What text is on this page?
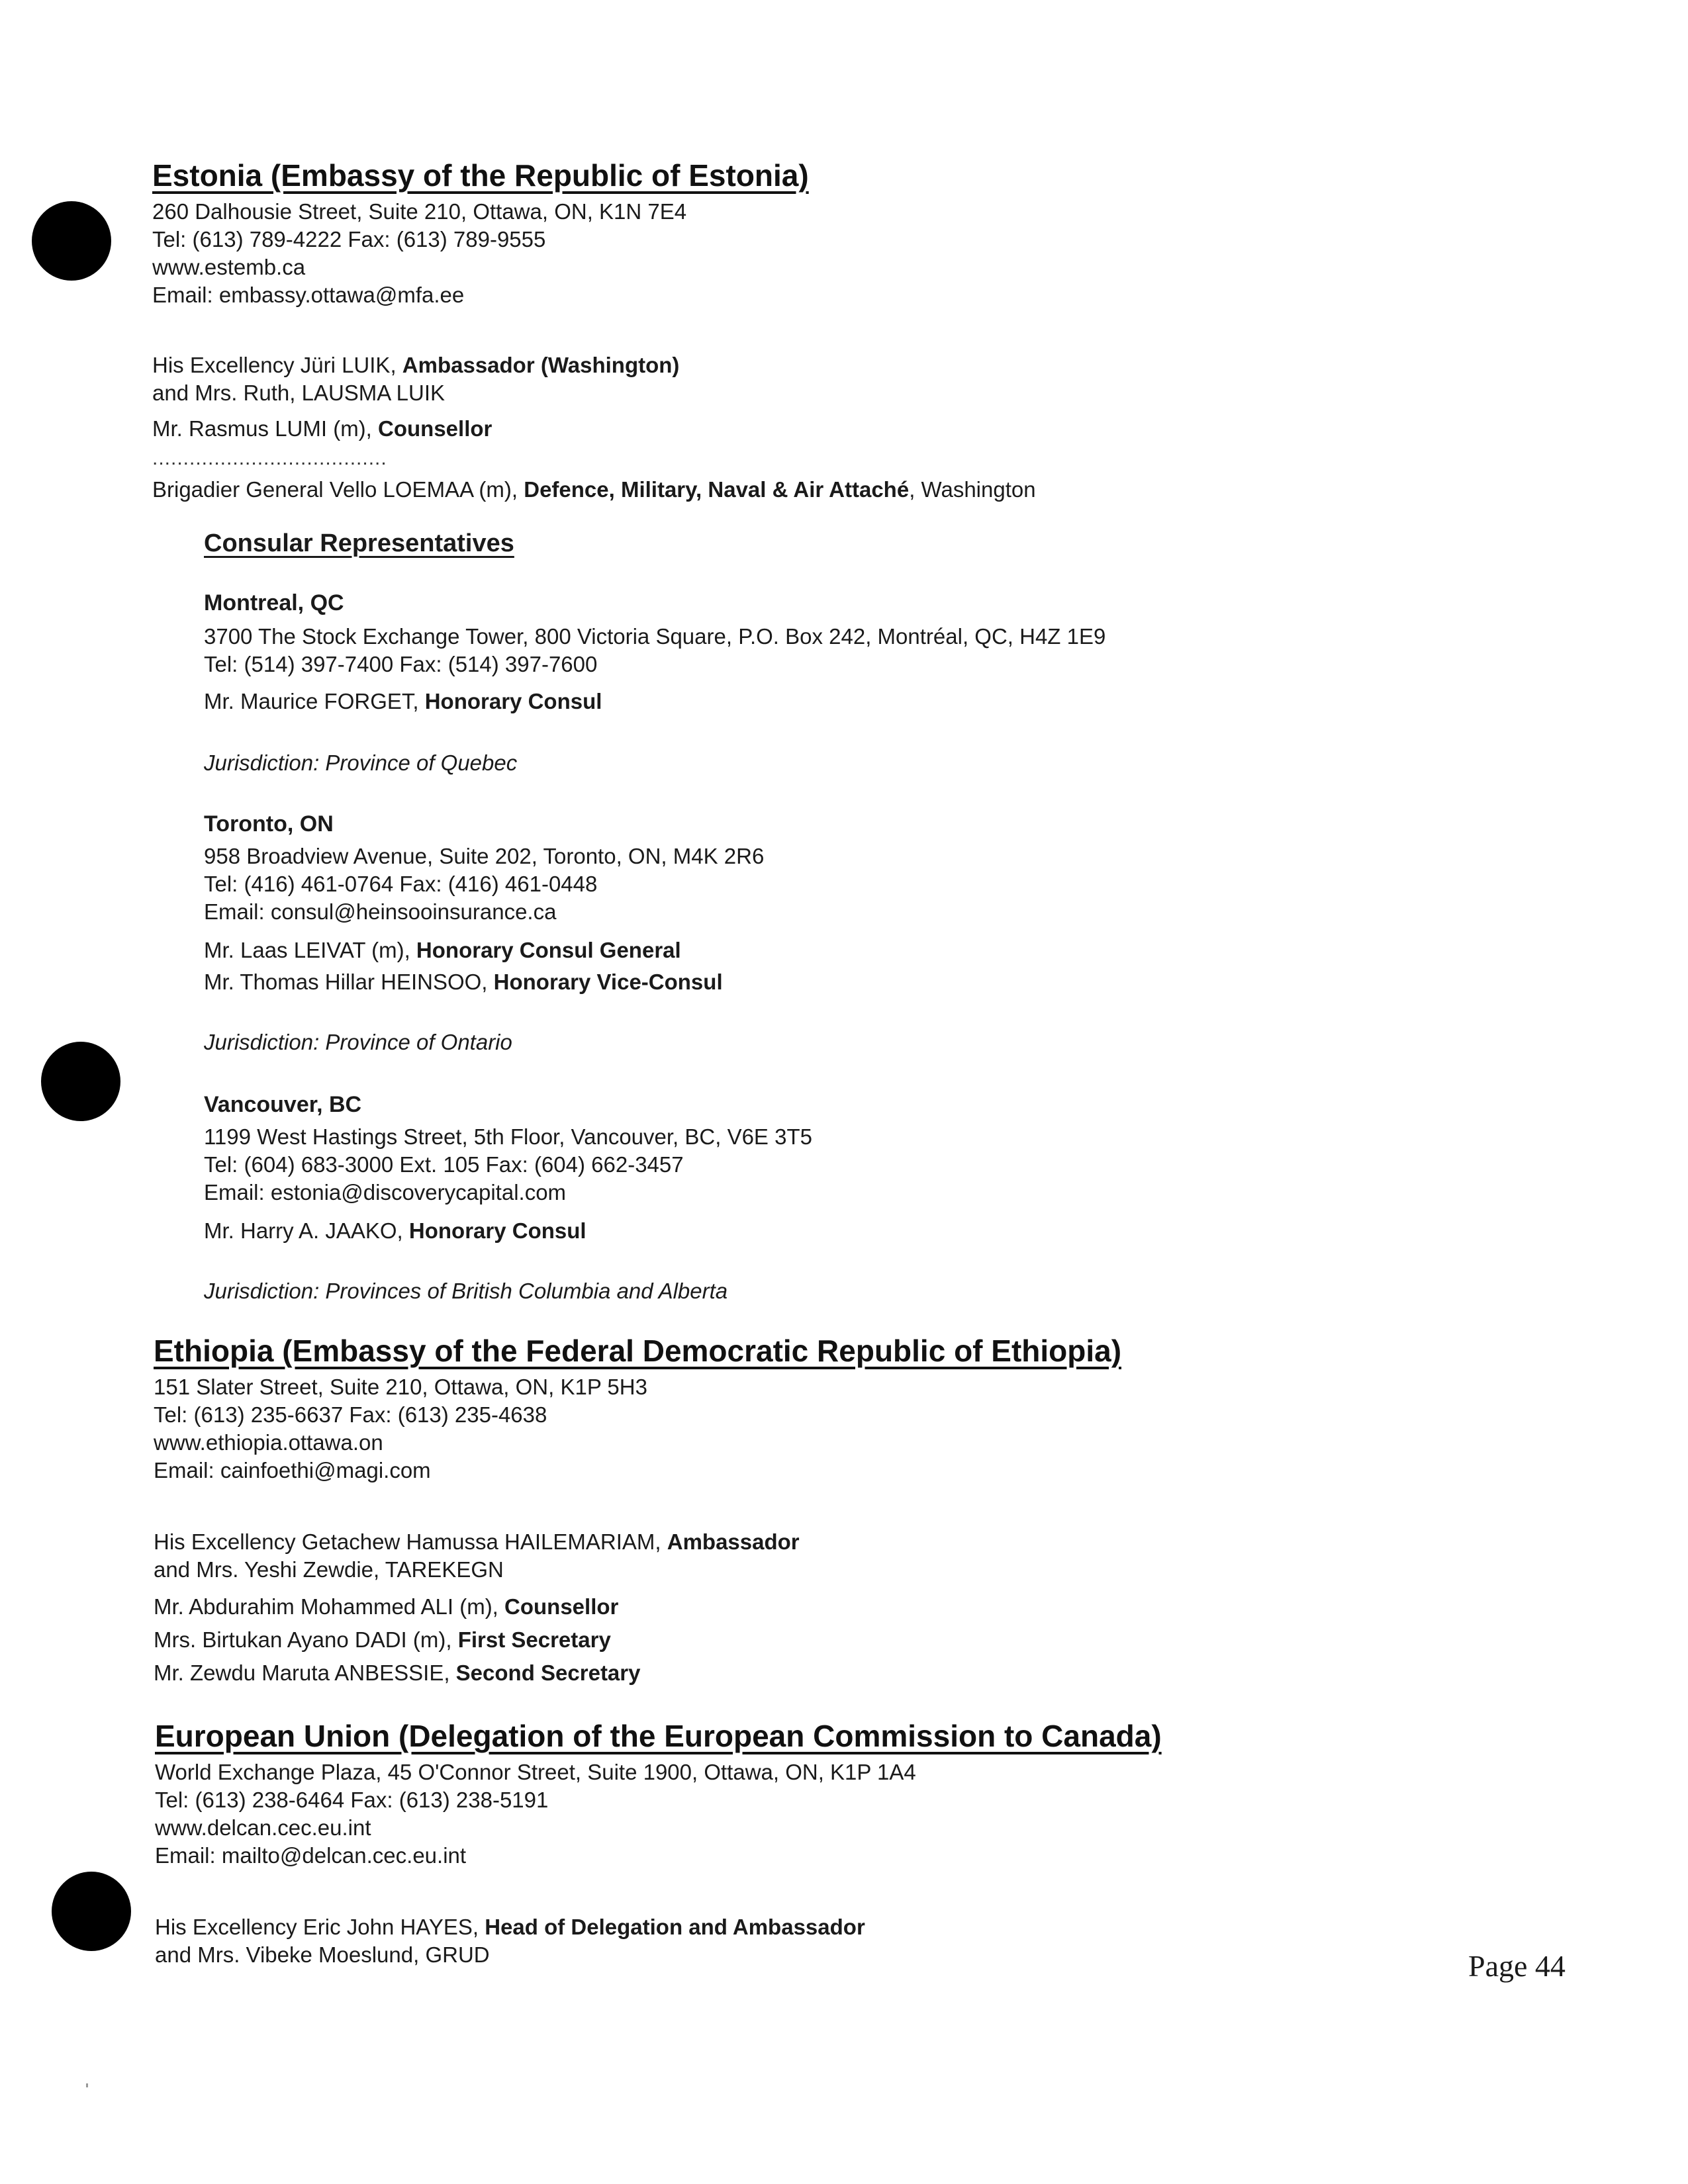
Estonia (Embassy of the Republic of Estonia)
260 Dalhousie Street, Suite 210, Ottawa, ON, K1N 7E4
Tel: (613) 789-4222 Fax: (613) 789-9555
www.estemb.ca
Email: embassy.ottawa@mfa.ee
His Excellency Jüri LUIK, Ambassador (Washington)
and Mrs. Ruth, LAUSMA LUIK
Mr. Rasmus LUMI (m), Counsellor
......................................
Brigadier General Vello LOEMAA (m), Defence, Military, Naval & Air Attaché, Washington
Consular Representatives
Montreal, QC
3700 The Stock Exchange Tower, 800 Victoria Square, P.O. Box 242, Montréal, QC, H4Z 1E9
Tel: (514) 397-7400 Fax: (514) 397-7600
Mr. Maurice FORGET, Honorary Consul
Jurisdiction: Province of Quebec
Toronto, ON
958 Broadview Avenue, Suite 202, Toronto, ON, M4K 2R6
Tel: (416) 461-0764 Fax: (416) 461-0448
Email: consul@heinsooinsurance.ca
Mr. Laas LEIVAT (m), Honorary Consul General
Mr. Thomas Hillar HEINSOO, Honorary Vice-Consul
Jurisdiction: Province of Ontario
Vancouver, BC
1199 West Hastings Street, 5th Floor, Vancouver, BC, V6E 3T5
Tel: (604) 683-3000 Ext. 105 Fax: (604) 662-3457
Email: estonia@discoverycapital.com
Mr. Harry A. JAAKO, Honorary Consul
Jurisdiction: Provinces of British Columbia and Alberta
Ethiopia (Embassy of the Federal Democratic Republic of Ethiopia)
151 Slater Street, Suite 210, Ottawa, ON, K1P 5H3
Tel: (613) 235-6637 Fax: (613) 235-4638
www.ethiopia.ottawa.on
Email: cainfoethi@magi.com
His Excellency Getachew Hamussa HAILEMARIAM, Ambassador
and Mrs. Yeshi Zewdie, TAREKEGN
Mr. Abdurahim Mohammed ALI (m), Counsellor
Mrs. Birtukan Ayano DADI (m), First Secretary
Mr. Zewdu Maruta ANBESSIE, Second Secretary
European Union (Delegation of the European Commission to Canada)
World Exchange Plaza, 45 O'Connor Street, Suite 1900, Ottawa, ON, K1P 1A4
Tel: (613) 238-6464 Fax: (613) 238-5191
www.delcan.cec.eu.int
Email: mailto@delcan.cec.eu.int
His Excellency Eric John HAYES, Head of Delegation and Ambassador
and Mrs. Vibeke Moeslund, GRUD	Page 44
